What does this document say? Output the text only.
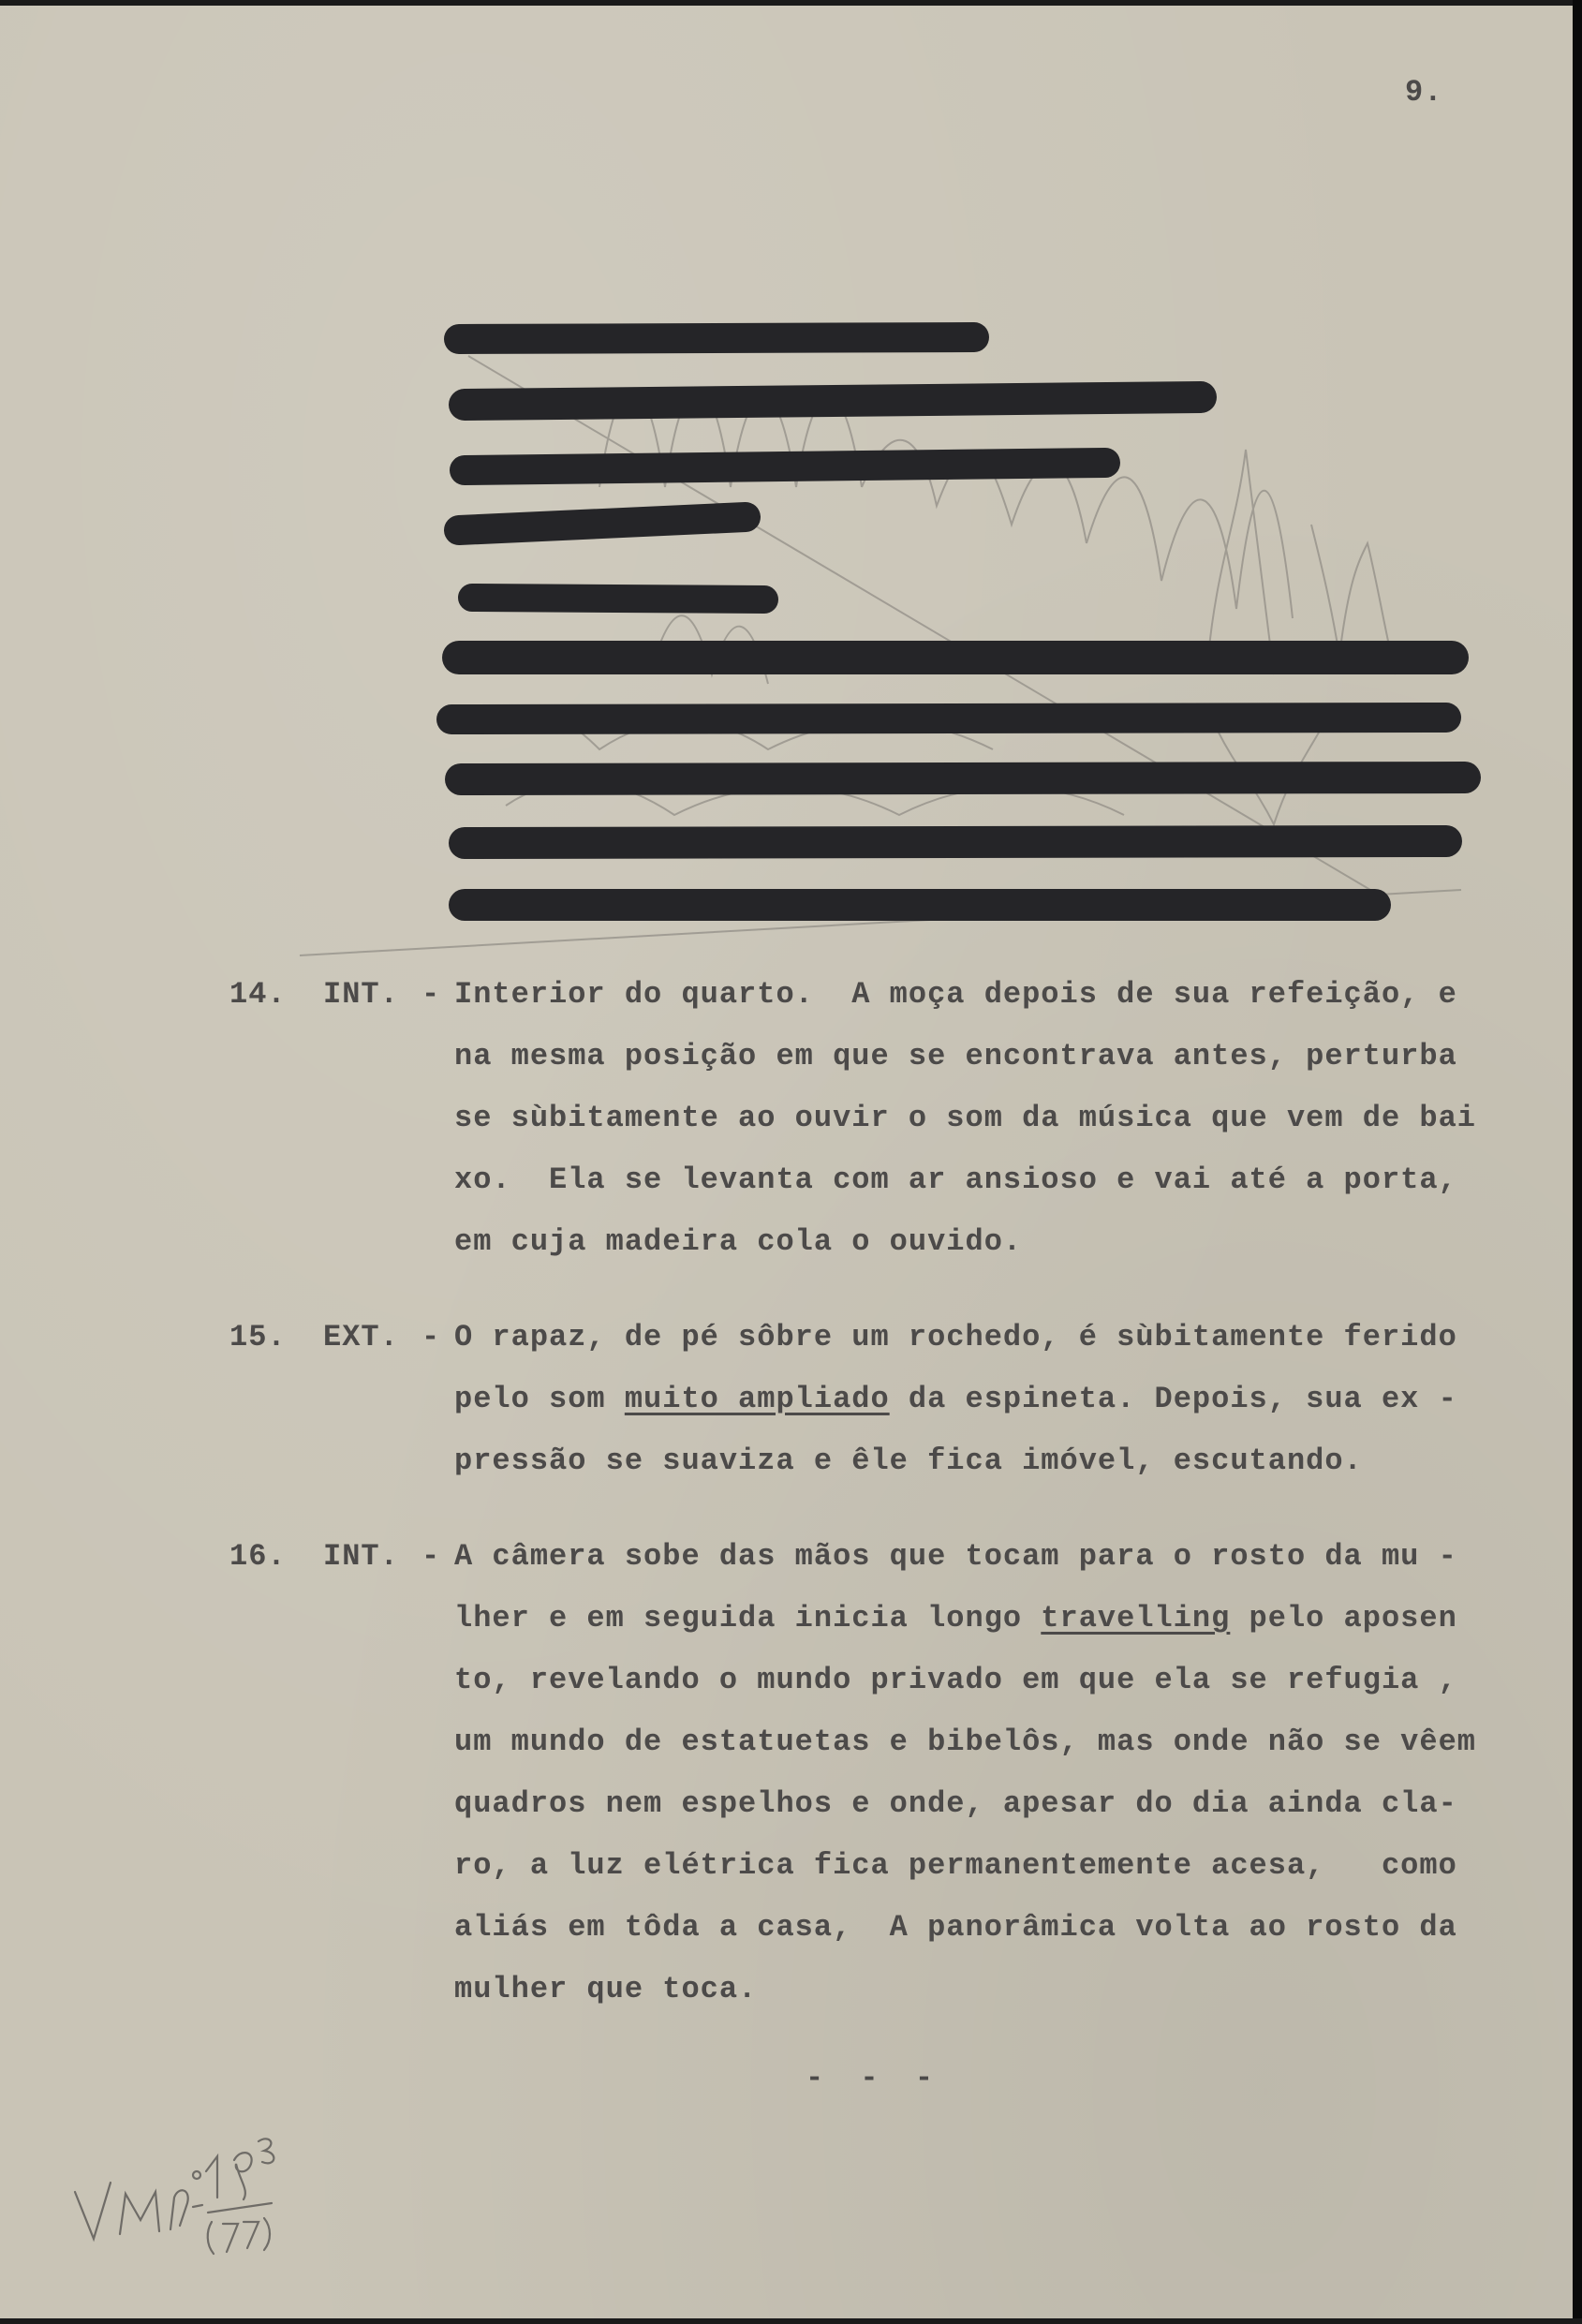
9.
14.	INT. - Interior do quarto.  A moça depois de sua refeição, e
na mesma posição em que se encontrava antes, perturba
se sùbitamente ao ouvir o som da música que vem de bai
xo.  Ela se levanta com ar ansioso e vai até a porta,
em cuja madeira cola o ouvido.
15.	EXT. - O rapaz, de pé sôbre um rochedo, é sùbitamente ferido
pelo som muito ampliado da espineta. Depois, sua ex -
pressão se suaviza e êle fica imóvel, escutando.
16.	INT. - A câmera sobe das mãos que tocam para o rosto da mu -
lher e em seguida inicia longo travelling pelo aposen
to, revelando o mundo privado em que ela se refugia ,
um mundo de estatuetas e bibelôs, mas onde não se vêem
quadros nem espelhos e onde, apesar do dia ainda cla-
ro, a luz elétrica fica permanentemente acesa,   como
aliás em tôda a casa,  A panorâmica volta ao rosto da
mulher que toca.
- - -
